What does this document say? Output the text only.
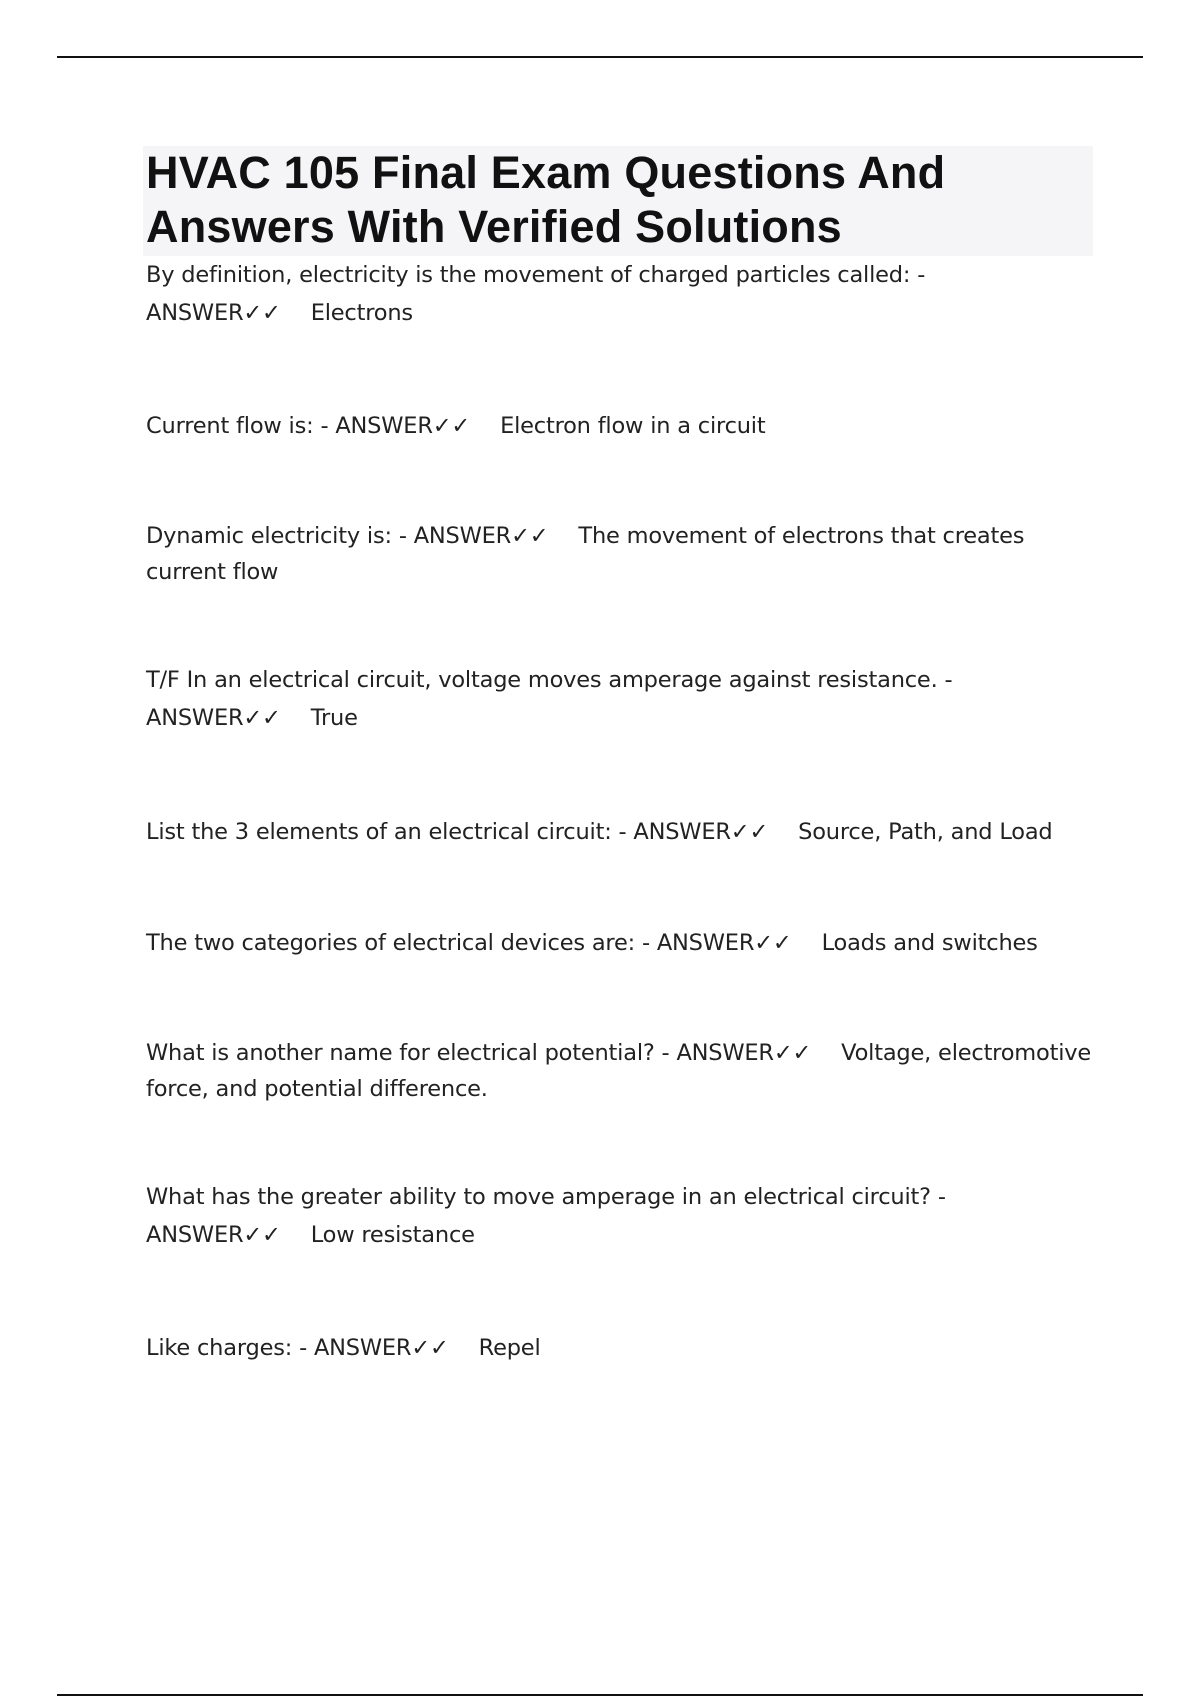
HVAC 105 Final Exam Questions And Answers With Verified Solutions

By definition, electricity is the movement of charged particles called: -
ANSWER✓✓ Electrons

Current flow is: - ANSWER✓✓ Electron flow in a circuit

Dynamic electricity is: - ANSWER✓✓ The movement of electrons that creates current flow

T/F In an electrical circuit, voltage moves amperage against resistance. -
ANSWER✓✓ True

List the 3 elements of an electrical circuit: - ANSWER✓✓ Source, Path, and Load

The two categories of electrical devices are: - ANSWER✓✓ Loads and switches

What is another name for electrical potential? - ANSWER✓✓ Voltage, electromotive force, and potential difference.

What has the greater ability to move amperage in an electrical circuit? -
ANSWER✓✓ Low resistance

Like charges: - ANSWER✓✓ Repel
